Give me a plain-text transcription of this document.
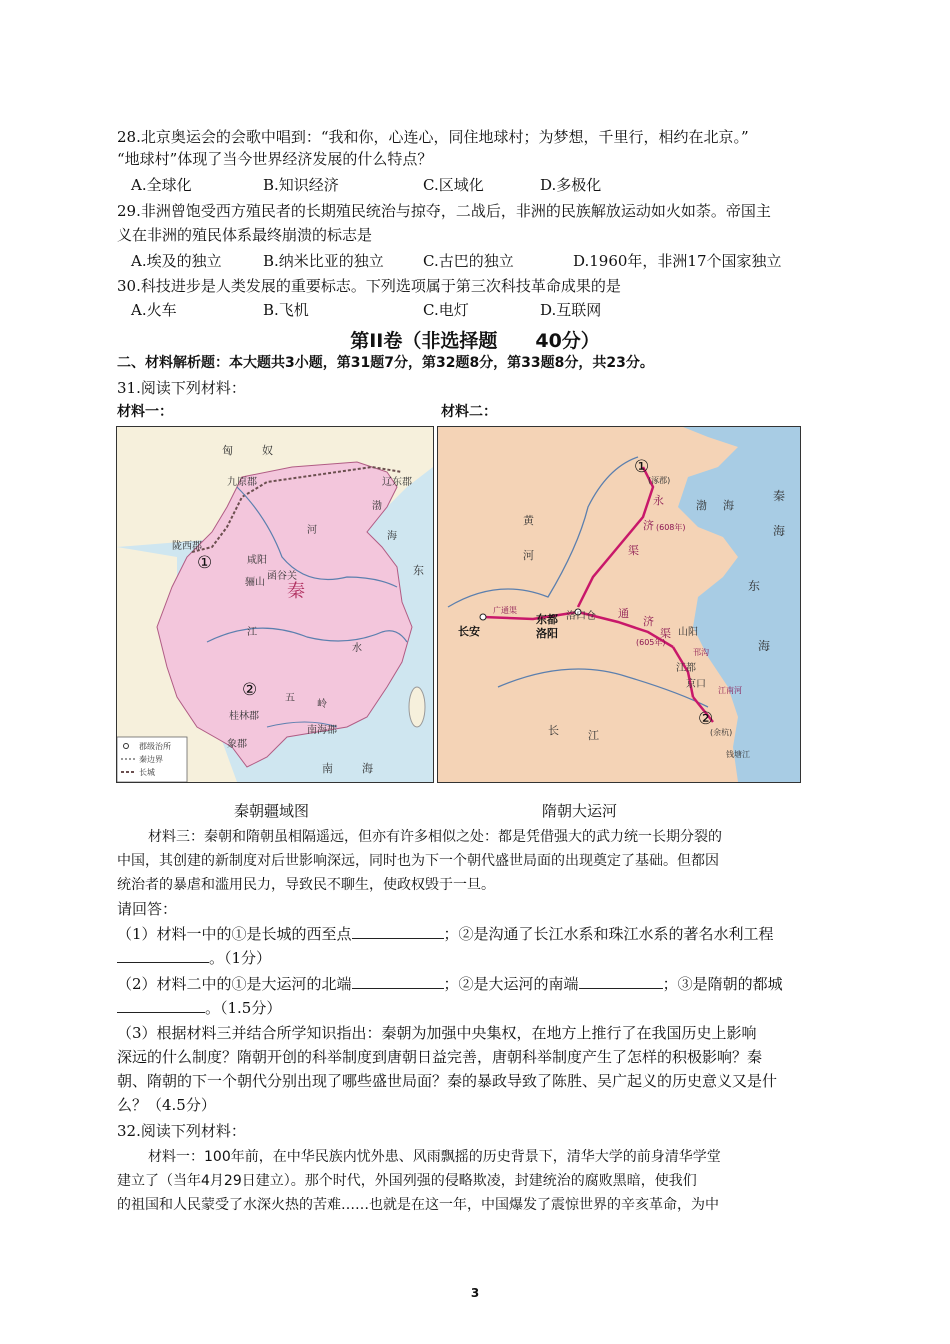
28.北京奥运会的会歌中唱到：“我和你，心连心，同住地球村；为梦想，千里行，相约在北京。”
“地球村”体现了当今世界经济发展的什么特点？
A.全球化	B.知识经济	C.区域化	D.多极化
29.非洲曾饱受西方殖民者的长期殖民统治与掠夺，二战后，非洲的民族解放运动如火如荼。帝国主
义在非洲的殖民体系最终崩溃的标志是
A.埃及的独立	B.纳米比亚的独立	C.古巴的独立	D.1960年，非洲17个国家独立
30.科技进步是人类发展的重要标志。下列选项属于第三次科技革命成果的是
A.火车	B.飞机	C.电灯	D.互联网
第II卷（非选择题　　40分）
二、材料解析题：本大题共3小题，第31题7分，第32题8分，第33题8分，共23分。
31.阅读下列材料：
材料一：	材料二：
匈	奴
九原郡	辽东郡
陇西郡
咸阳
函谷关
骊山 秦
渤
海
河
东
江
水
五
岭
桂林郡
南海郡
象郡
南	海
①
②
郡级治所
秦边界
长城
①
②
(涿郡)
(余杭)
黄
河
永
济
渠
(608年)
渤 海
东
海
秦
海
通
济
渠
(605年)
长安
东都
洛阳
洛口仓
广通渠
山阳
邗沟
江都
京口
江南河
长	江
钱塘江
秦朝疆域图	隋朝大运河
材料三：秦朝和隋朝虽相隔遥远，但亦有许多相似之处：都是凭借强大的武力统一长期分裂的
中国，其创建的新制度对后世影响深远，同时也为下一个朝代盛世局面的出现奠定了基础。但都因
统治者的暴虐和滥用民力，导致民不聊生，使政权毁于一旦。
请回答：
（1）材料一中的①是长城的西至点	；②是沟通了长江水系和珠江水系的著名水利工程
。（1分）
（2）材料二中的①是大运河的北端	；②是大运河的南端	；③是隋朝的都城
。（1.5分）
（3）根据材料三并结合所学知识指出：秦朝为加强中央集权，在地方上推行了在我国历史上影响
深远的什么制度？隋朝开创的科举制度到唐朝日益完善，唐朝科举制度产生了怎样的积极影响？秦
朝、隋朝的下一个朝代分别出现了哪些盛世局面？秦的暴政导致了陈胜、吴广起义的历史意义又是什
么？（4.5分）
32.阅读下列材料：
材料一：100年前，在中华民族内忧外患、风雨飘摇的历史背景下，清华大学的前身清华学堂
建立了（当年4月29日建立）。那个时代，外国列强的侵略欺凌，封建统治的腐败黑暗，使我们
的祖国和人民蒙受了水深火热的苦难……也就是在这一年，中国爆发了震惊世界的辛亥革命，为中
3
